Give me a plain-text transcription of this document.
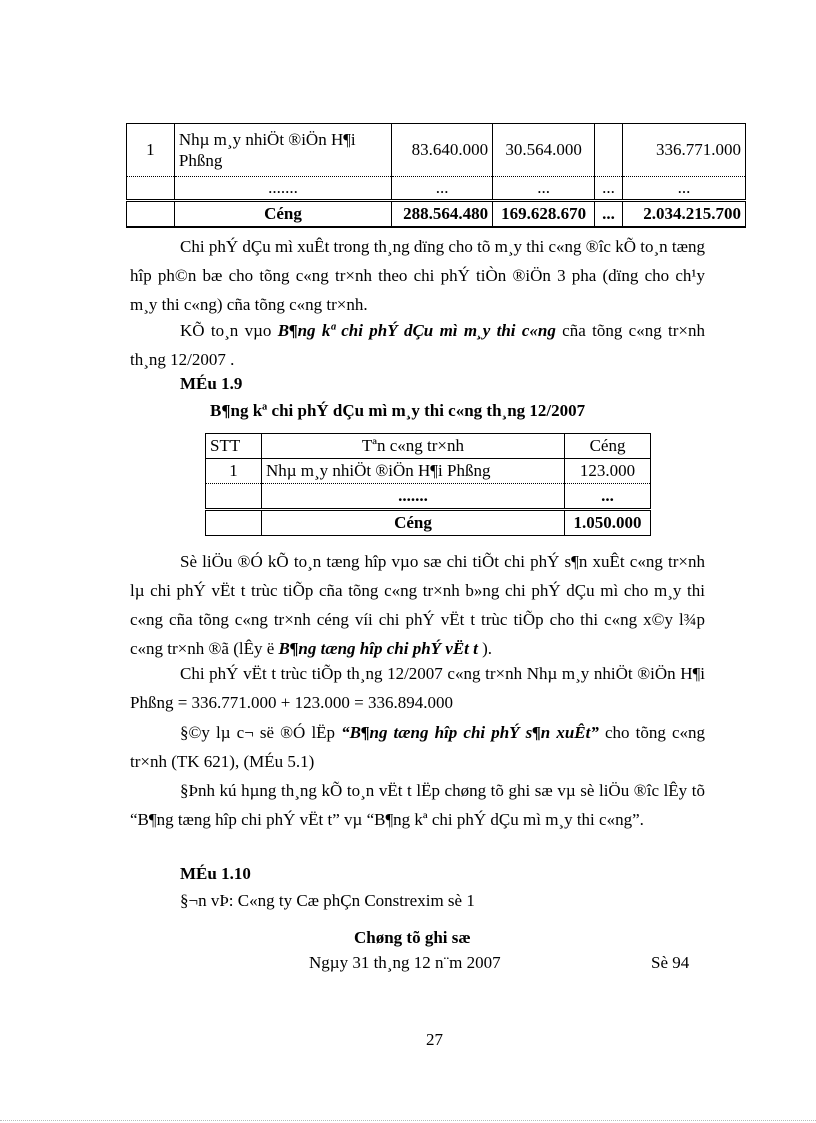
1	Nhµ m¸y nhiÖt ®iÖn H¶i Phßng	83.640.000	30.564.000		336.771.000
	.......	...	...	...	...
	Céng	288.564.480	169.628.670	...	2.034.215.700

Chi phÝ dÇu mì xuÊt trong th¸ng dïng cho tõ m¸y thi c«ng ®îc kÕ to¸n tæng hîp ph©n bæ cho tõng c«ng tr×nh theo chi phÝ tiÒn ®iÖn 3 pha (dïng cho ch¹y m¸y thi c«ng) cña tõng c«ng tr×nh.

KÕ to¸n vµo B¶ng kª chi phÝ dÇu mì m¸y thi c«ng cña tõng c«ng tr×nh th¸ng 12/2007 .

MÉu 1.9
B¶ng kª chi phÝ dÇu mì m¸y thi c«ng th¸ng 12/2007
STT	Tªn c«ng tr×nh	Céng
1	Nhµ m¸y nhiÖt ®iÖn H¶i Phßng	123.000
	.......	...
	Céng	1.050.000

Sè liÖu ®Ó kÕ to¸n tæng hîp vµo sæ chi tiÕt chi phÝ s¶n xuÊt c«ng tr×nh lµ chi phÝ vËt t trùc tiÕp cña tõng c«ng tr×nh b»ng chi phÝ dÇu mì cho m¸y thi c«ng cña tõng c«ng tr×nh céng víi chi phÝ vËt t trùc tiÕp cho thi c«ng x©y l¾p c«ng tr×nh ®ã (lÊy ë B¶ng tæng hîp chi phÝ vËt t ).

Chi phÝ vËt t trùc tiÕp th¸ng 12/2007 c«ng tr×nh Nhµ m¸y nhiÖt ®iÖn H¶i Phßng = 336.771.000 + 123.000 = 336.894.000

§©y lµ c¬ së ®Ó lËp “B¶ng tæng hîp chi phÝ s¶n xuÊt” cho tõng c«ng tr×nh (TK 621), (MÉu 5.1)

§Þnh kú hµng th¸ng kÕ to¸n vËt t lËp chøng tõ ghi sæ vµ sè liÖu ®îc lÊy tõ “B¶ng tæng hîp chi phÝ vËt t” vµ “B¶ng kª chi phÝ dÇu mì m¸y thi c«ng”.

MÉu 1.10
§¬n vÞ: C«ng ty Cæ phÇn Constrexim sè 1
Chøng tõ ghi sæ
Ngµy 31 th¸ng 12 n¨m 2007	Sè 94
27
